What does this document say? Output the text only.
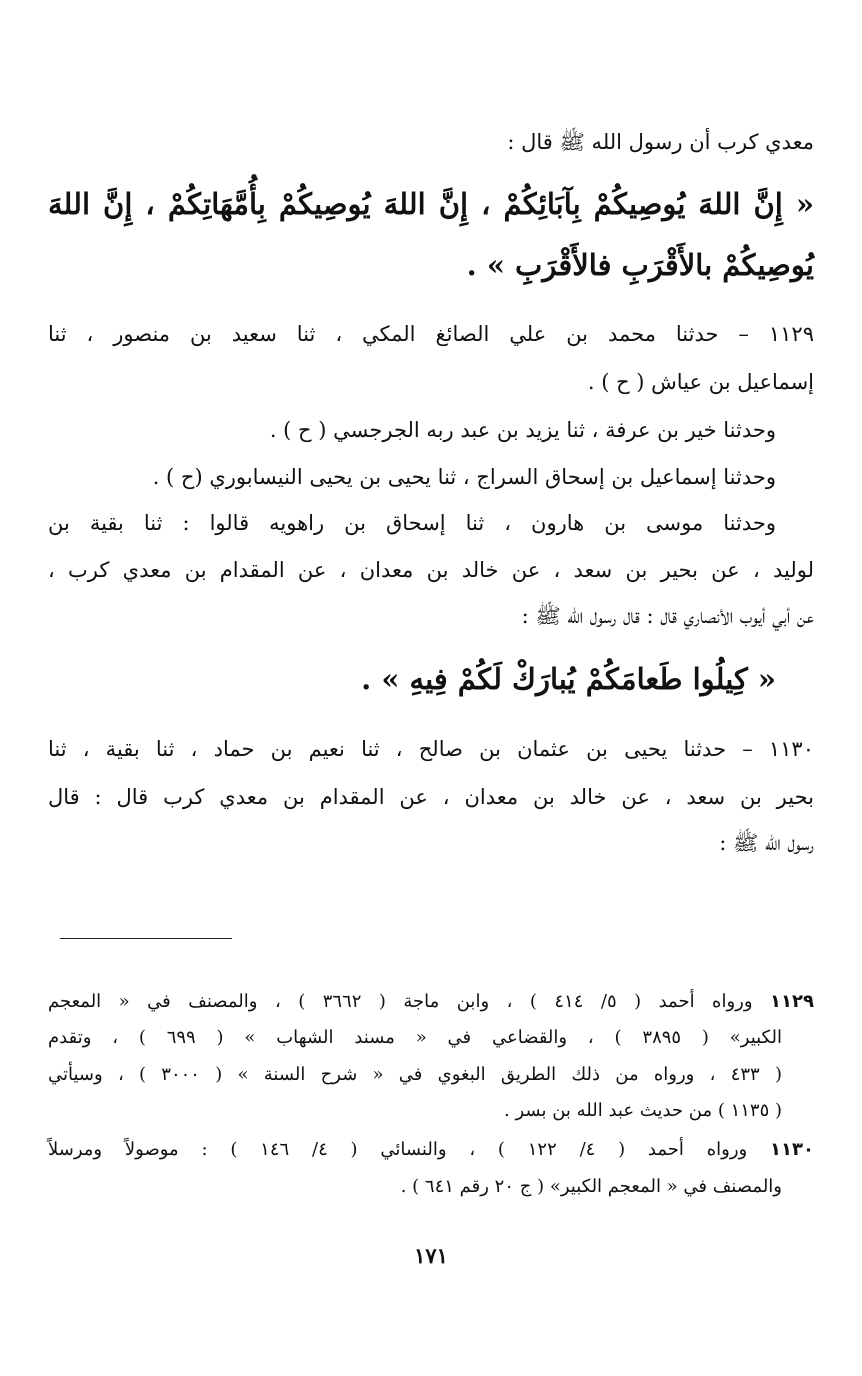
معدي كرب أن رسول الله ﷺ قال :
« إِنَّ اللهَ يُوصِيكُمْ بِآبَائِكُمْ ، إِنَّ اللهَ يُوصِيكُمْ بِأُمَّهَاتِكُمْ ، إِنَّ اللهَ
يُوصِيكُمْ بالأَقْرَبِ فالأَقْرَبِ » .
١١٢٩ – حدثنا محمد بن علي الصائغ المكي ، ثنا سعيد بن منصور ، ثنا
إسماعيل بن عياش ( ح ) .
وحدثنا خير بن عرفة ، ثنا يزيد بن عبد ربه الجرجسي ( ح ) .
وحدثنا إسماعيل بن إسحاق السراج ، ثنا يحيى بن يحيى النيسابوري (ح ) .
وحدثنا موسى بن هارون ، ثنا إسحاق بن راهويه قالوا : ثنا بقية بن
لوليد ، عن بحير بن سعد ، عن خالد بن معدان ، عن المقدام بن معدي كرب ،
عن أبي أيوب الأنصاري قال : قال رسول الله ﷺ :
« كِيلُوا طَعامَكُمْ يُبارَكْ لَكُمْ فِيهِ » .
١١٣٠ – حدثنا يحيى بن عثمان بن صالح ، ثنا نعيم بن حماد ، ثنا بقية ، ثنا
بحير بن سعد ، عن خالد بن معدان ، عن المقدام بن معدي كرب قال : قال
رسول الله ﷺ :
١١٢٩ ورواه أحمد ( ٥/ ٤١٤ ) ، وابن ماجة ( ٣٦٦٢ ) ، والمصنف في « المعجم
الكبير» ( ٣٨٩٥ ) ، والقضاعي في « مسند الشهاب » ( ٦٩٩ ) ، وتقدم
( ٤٣٣ ، ورواه من ذلك الطريق البغوي في « شرح السنة » ( ٣٠٠٠ ) ، وسيأتي
( ١١٣٥ ) من حديث عبد الله بن بسر .
١١٣٠ ورواه أحمد ( ٤/ ١٢٢ ) ، والنسائي ( ٤/ ١٤٦ ) : موصولاً ومرسلاً
والمصنف في « المعجم الكبير» ( ج ٢٠ رقم ٦٤١ ) .
١٧١
